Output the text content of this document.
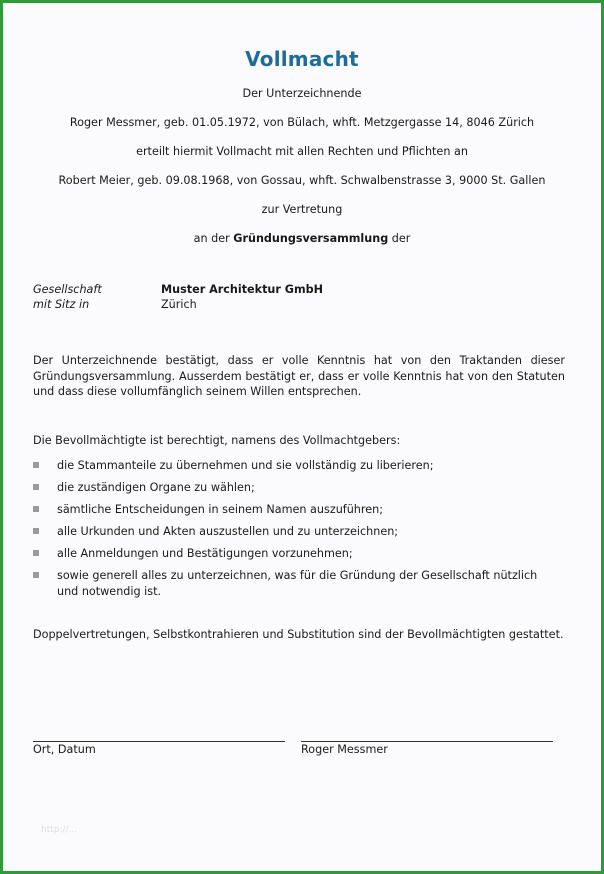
Vollmacht
Der Unterzeichnende
Roger Messmer, geb. 01.05.1972, von Bülach, whft. Metzgergasse 14, 8046 Zürich
erteilt hiermit Vollmacht mit allen Rechten und Pflichten an
Robert Meier, geb. 09.08.1968, von Gossau, whft. Schwalbenstrasse 3, 9000 St. Gallen
zur Vertretung
an der Gründungsversammlung der
Gesellschaft	Muster Architektur GmbH
mit Sitz in	Zürich
Der Unterzeichnende bestätigt, dass er volle Kenntnis hat von den Traktanden dieser Gründungsversammlung. Ausserdem bestätigt er, dass er volle Kenntnis hat von den Statuten und dass diese vollumfänglich seinem Willen entsprechen.
Die Bevollmächtigte ist berechtigt, namens des Vollmachtgebers:
die Stammanteile zu übernehmen und sie vollständig zu liberieren;
die zuständigen Organe zu wählen;
sämtliche Entscheidungen in seinem Namen auszuführen;
alle Urkunden und Akten auszustellen und zu unterzeichnen;
alle Anmeldungen und Bestätigungen vorzunehmen;
sowie generell alles zu unterzeichnen, was für die Gründung der Gesellschaft nützlich und notwendig ist.
Doppelvertretungen, Selbstkontrahieren und Substitution sind der Bevollmächtigten gestattet.
Ort, Datum	Roger Messmer
http://...
